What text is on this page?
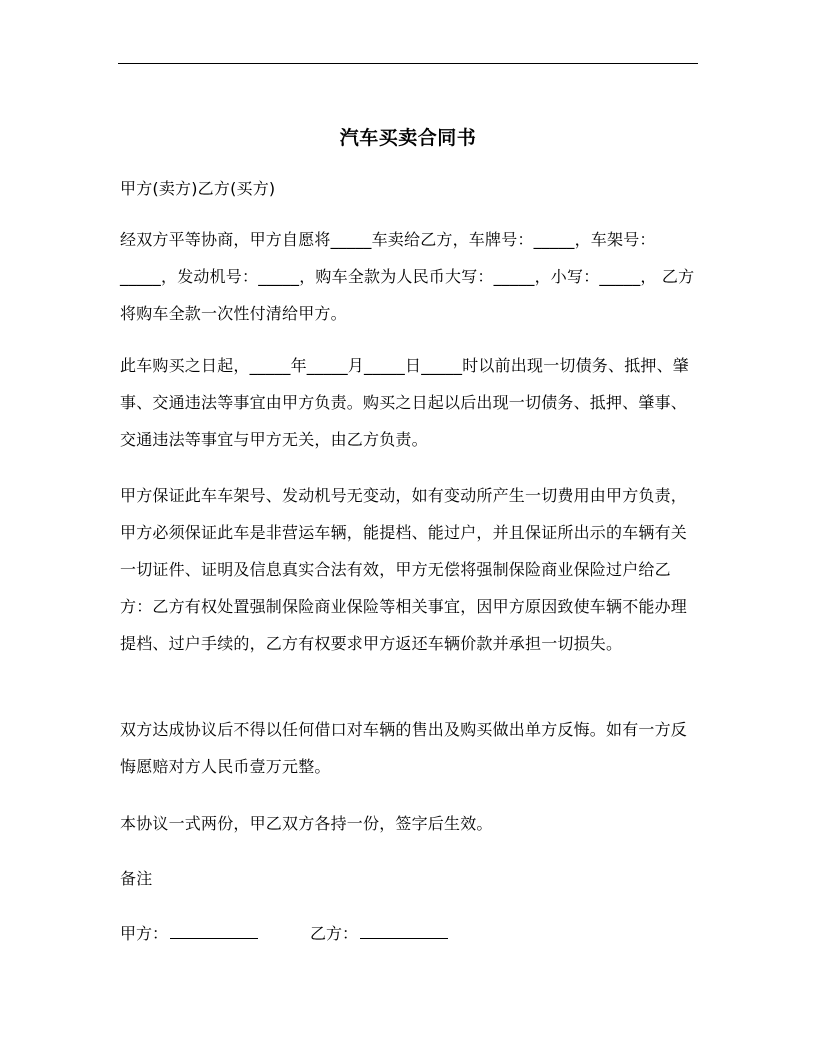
汽车买卖合同书

甲方(卖方)乙方(买方)

经双方平等协商，甲方自愿将_____车卖给乙方，车牌号：_____，车架号：_____，发动机号：_____，购车全款为人民币大写：_____，小写：_____， 乙方将购车全款一次性付清给甲方。

此车购买之日起，_____年_____月_____日_____时以前出现一切债务、抵押、肇事、交通违法等事宜由甲方负责。购买之日起以后出现一切债务、抵押、肇事、交通违法等事宜与甲方无关，由乙方负责。

甲方保证此车车架号、发动机号无变动，如有变动所产生一切费用由甲方负责，甲方必须保证此车是非营运车辆，能提档、能过户，并且保证所出示的车辆有关一切证件、证明及信息真实合法有效，甲方无偿将强制保险商业保险过户给乙方：乙方有权处置强制保险商业保险等相关事宜，因甲方原因致使车辆不能办理提档、过户手续的，乙方有权要求甲方返还车辆价款并承担一切损失。

双方达成协议后不得以任何借口对车辆的售出及购买做出单方反悔。如有一方反悔愿赔对方人民币壹万元整。

本协议一式两份，甲乙双方各持一份，签字后生效。

备注

甲方：	乙方：
